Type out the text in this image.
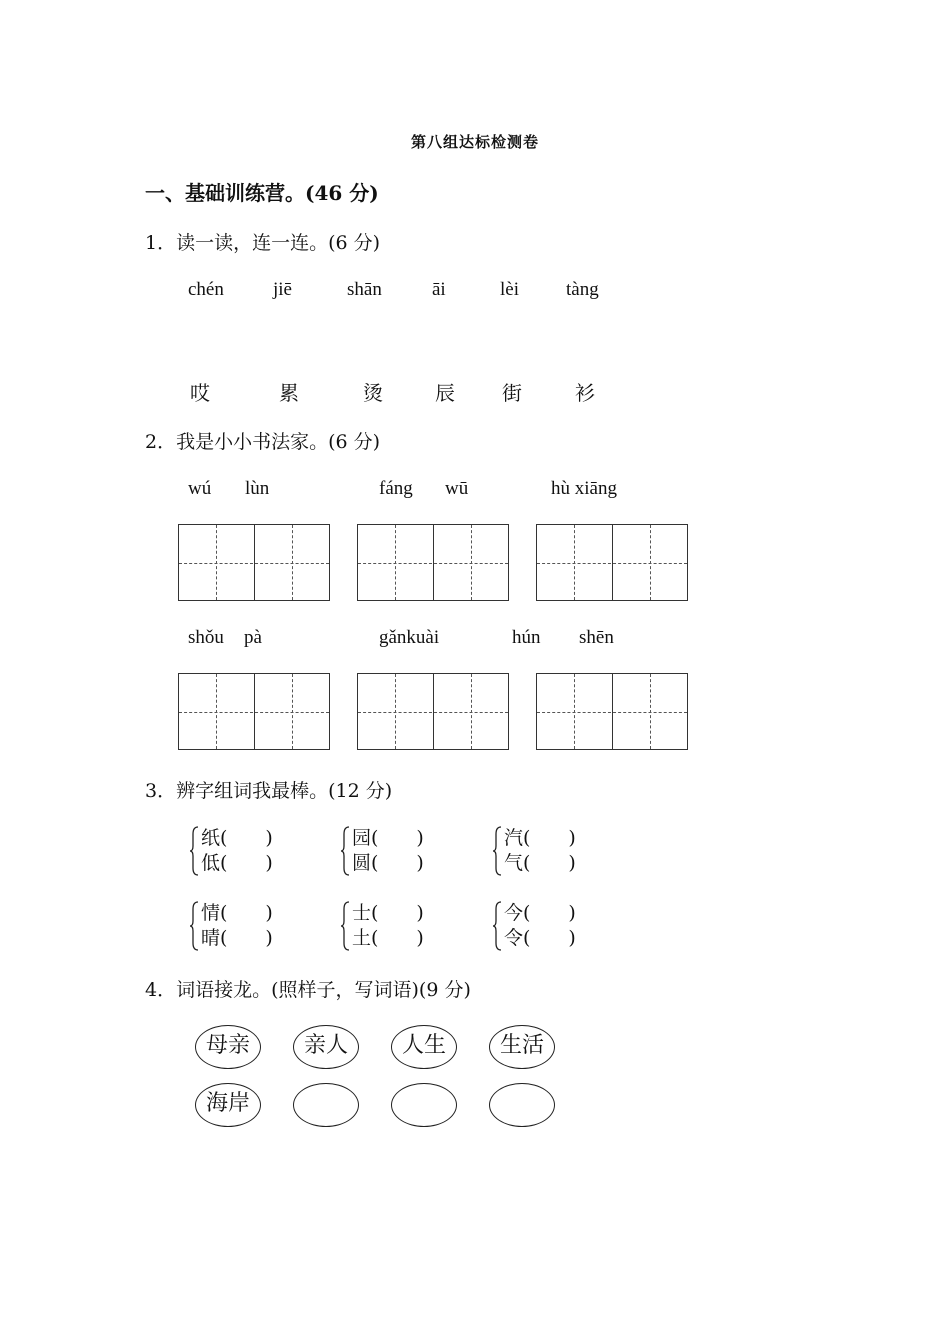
第八组达标检测卷
一、基础训练营。(46 分)
1．读一读，连一连。(6 分)
chén	jiē	shān	āi	lèi tàng
哎	累	烫	辰 街	衫
2．我是小小书法家。(6 分)
wú lùn	fáng wū	hù xiāng
shǒu pà	gǎnkuài	hún shēn
3．辨字组词我最棒。(12 分)
纸(　　)
低(　　)
园(　　)
圆(　　)
汽(　　)
气(　　)
情(　　)
晴(　　)
士(　　)
土(　　)
今(　　)
令(　　)
4．词语接龙。(照样子，写词语)(9 分)
母亲	亲人	人生	生活
海岸
